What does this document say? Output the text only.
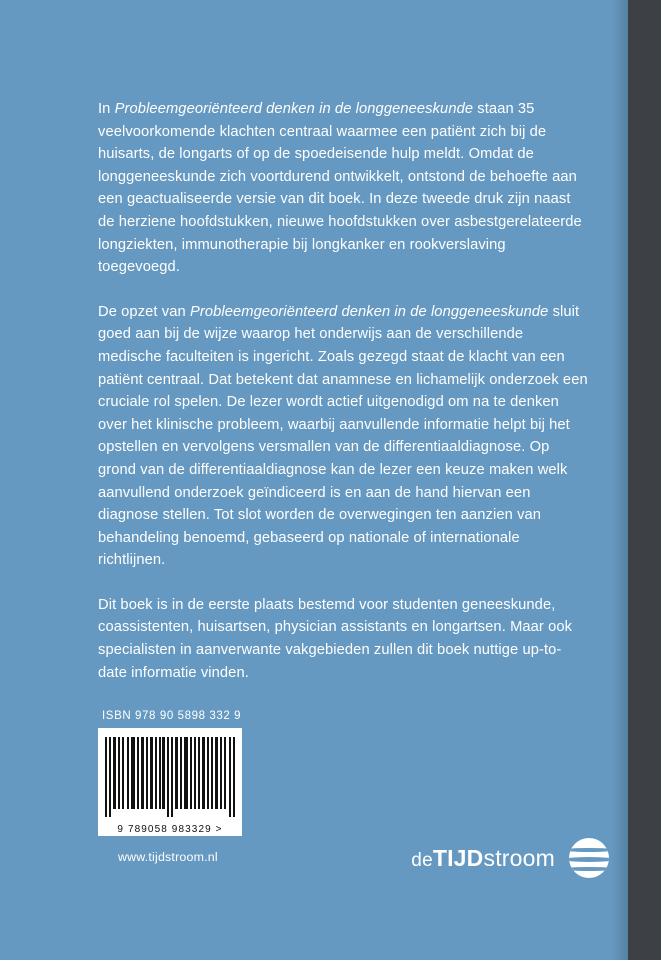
In Probleemgeoriënteerd denken in de longgeneeskunde staan 35 veelvoorkomende klachten centraal waarmee een patiënt zich bij de huisarts, de longarts of op de spoedeisende hulp meldt. Omdat de longgeneeskunde zich voortdurend ontwikkelt, ontstond de behoefte aan een geactualiseerde versie van dit boek. In deze tweede druk zijn naast de herziene hoofdstukken, nieuwe hoofdstukken over asbestgerelateerde longziekten, immunotherapie bij longkanker en rookverslaving toegevoegd.

De opzet van Probleemgeoriënteerd denken in de longgeneeskunde sluit goed aan bij de wijze waarop het onderwijs aan de verschillende medische faculteiten is ingericht. Zoals gezegd staat de klacht van een patiënt centraal. Dat betekent dat anamnese en lichamelijk onderzoek een cruciale rol spelen. De lezer wordt actief uitgenodigd om na te denken over het klinische probleem, waarbij aanvullende informatie helpt bij het opstellen en vervolgens versmallen van de differentiaaldiagnose. Op grond van de differentiaaldiagnose kan de lezer een keuze maken welk aanvullend onderzoek geïndiceerd is en aan de hand hiervan een diagnose stellen. Tot slot worden de overwegingen ten aanzien van behandeling benoemd, gebaseerd op nationale of internationale richtlijnen.

Dit boek is in de eerste plaats bestemd voor studenten geneeskunde, coassistenten, huisartsen, physician assistants en longartsen. Maar ook specialisten in aanverwante vakgebieden zullen dit boek nuttige up-to-date informatie vinden.

ISBN 978 90 5898 332 9
9 789058 983329 >
www.tijdstroom.nl	deTIJDstroom
